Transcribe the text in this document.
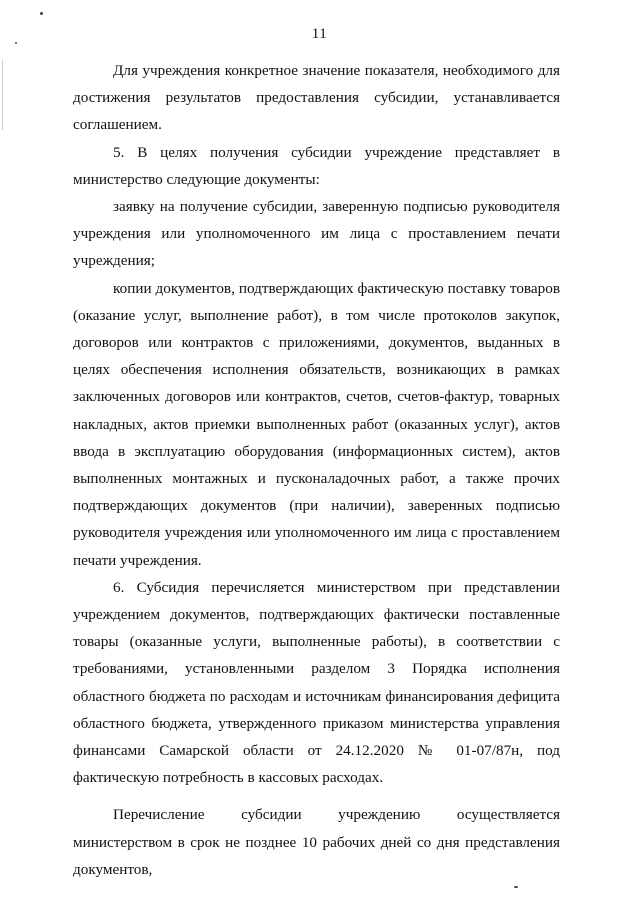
11

Для учреждения конкретное значение показателя, необходимого для достижения результатов предоставления субсидии, устанавливается соглашением.

5. В целях получения субсидии учреждение представляет в министерство следующие документы:

заявку на получение субсидии, заверенную подписью руководителя учреждения или уполномоченного им лица с проставлением печати учреждения;

копии документов, подтверждающих фактическую поставку товаров (оказание услуг, выполнение работ), в том числе протоколов закупок, договоров или контрактов с приложениями, документов, выданных в целях обеспечения исполнения обязательств, возникающих в рамках заключенных договоров или контрактов, счетов, счетов-фактур, товарных накладных, актов приемки выполненных работ (оказанных услуг), актов ввода в эксплуатацию оборудования (информационных систем), актов выполненных монтажных и пусконаладочных работ, а также прочих подтверждающих документов (при наличии), заверенных подписью руководителя учреждения или уполномоченного им лица с проставлением печати учреждения.

6. Субсидия перечисляется министерством при представлении учреждением документов, подтверждающих фактически поставленные товары (оказанные услуги, выполненные работы), в соответствии с требованиями, установленными разделом 3 Порядка исполнения областного бюджета по расходам и источникам финансирования дефицита областного бюджета, утвержденного приказом министерства управления финансами Самарской области от 24.12.2020 № 01-07/87н, под фактическую потребность в кассовых расходах.

Перечисление субсидии учреждению осуществляется министерством в срок не позднее 10 рабочих дней со дня представления документов,
